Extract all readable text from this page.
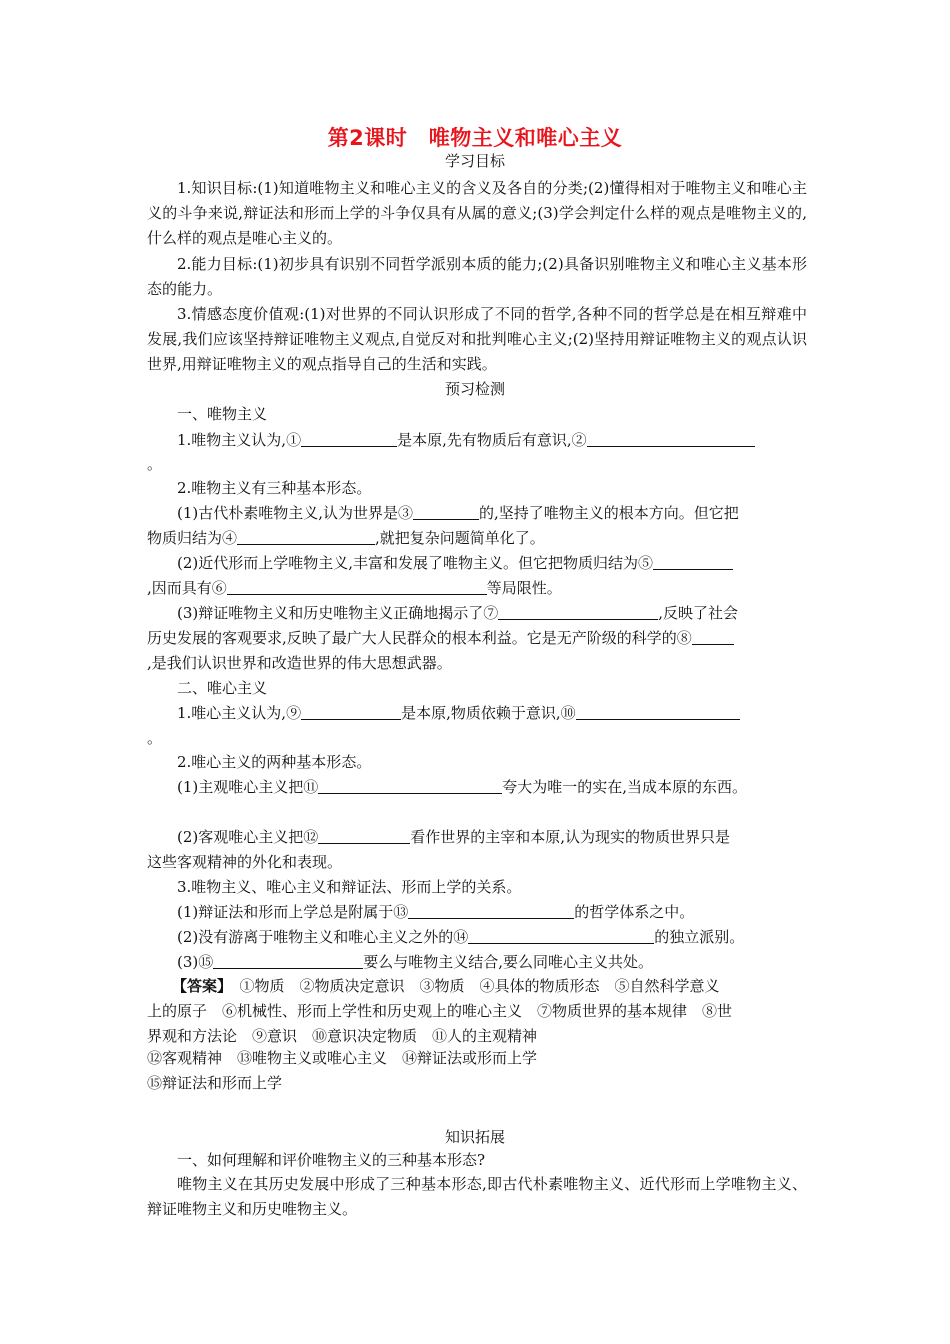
第2课时　唯物主义和唯心主义
学习目标
1.知识目标:(1)知道唯物主义和唯心主义的含义及各自的分类;(2)懂得相对于唯物主义和唯心主义的斗争来说,辩证法和形而上学的斗争仅具有从属的意义;(3)学会判定什么样的观点是唯物主义的,什么样的观点是唯心主义的。
2.能力目标:(1)初步具有识别不同哲学派别本质的能力;(2)具备识别唯物主义和唯心主义基本形态的能力。
3.情感态度价值观:(1)对世界的不同认识形成了不同的哲学,各种不同的哲学总是在相互辩难中发展,我们应该坚持辩证唯物主义观点,自觉反对和批判唯心主义;(2)坚持用辩证唯物主义的观点认识世界,用辩证唯物主义的观点指导自己的生活和实践。
预习检测
一、唯物主义
1.唯物主义认为,①	是本原,先有物质后有意识,②
。
2.唯物主义有三种基本形态。
(1)古代朴素唯物主义,认为世界是③	的,坚持了唯物主义的根本方向。但它把
物质归结为④	,就把复杂问题简单化了。
(2)近代形而上学唯物主义,丰富和发展了唯物主义。但它把物质归结为⑤
,因而具有⑥	等局限性。
(3)辩证唯物主义和历史唯物主义正确地揭示了⑦	,反映了社会
历史发展的客观要求,反映了最广大人民群众的根本利益。它是无产阶级的科学的⑧
,是我们认识世界和改造世界的伟大思想武器。
二、唯心主义
1.唯心主义认为,⑨	是本原,物质依赖于意识,⑩
。
2.唯心主义的两种基本形态。
(1)主观唯心主义把⑪	夸大为唯一的实在,当成本原的东西。
(2)客观唯心主义把⑫	看作世界的主宰和本原,认为现实的物质世界只是
这些客观精神的外化和表现。
3.唯物主义、唯心主义和辩证法、形而上学的关系。
(1)辩证法和形而上学总是附属于⑬	的哲学体系之中。
(2)没有游离于唯物主义和唯心主义之外的⑭	的独立派别。
(3)⑮	要么与唯物主义结合,要么同唯心主义共处。
【答案】　①物质　②物质决定意识　③物质　④具体的物质形态　⑤自然科学意义
上的原子　⑥机械性、形而上学性和历史观上的唯心主义　⑦物质世界的基本规律　⑧世
界观和方法论　⑨意识　⑩意识决定物质　⑪人的主观精神
⑫客观精神　⑬唯物主义或唯心主义　⑭辩证法或形而上学
⑮辩证法和形而上学
知识拓展
一、如何理解和评价唯物主义的三种基本形态?
唯物主义在其历史发展中形成了三种基本形态,即古代朴素唯物主义、近代形而上学唯物主义、辩证唯物主义和历史唯物主义。
